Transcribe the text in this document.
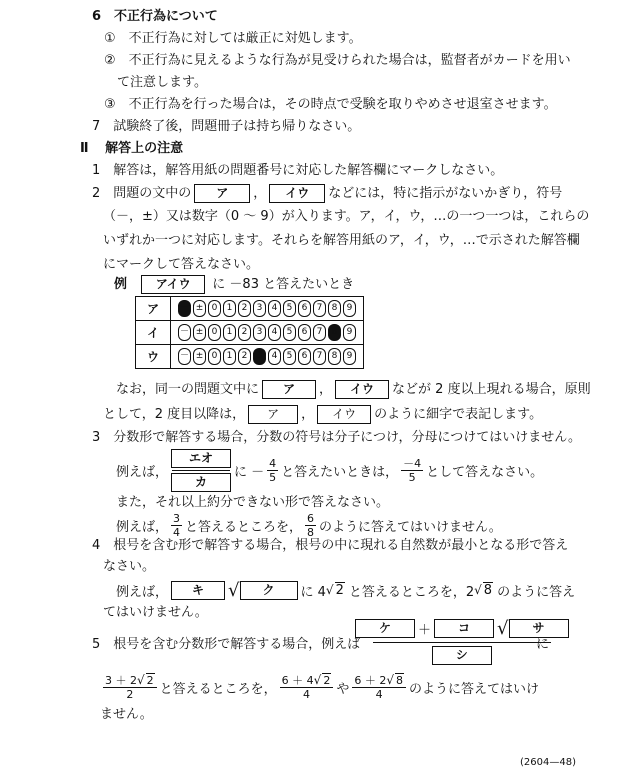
6　不正行為について
①　不正行為に対しては厳正に対処します。
②　不正行為に見えるような行為が見受けられた場合は，監督者がカードを用い
て注意します。
③　不正行為を行った場合は，その時点で受験を取りやめさせ退室させます。
7　試験終了後，問題冊子は持ち帰りなさい。
Ⅱ 解答上の注意
1　解答は，解答用紙の問題番号に対応した解答欄にマークしなさい。
2　問題の文中の ア ， イウ などには，特に指示がないかぎり，符号
（－，±）又は数字（0 ～ 9）が入ります。ア，イ，ウ，…の一つ一つは，これらの
いずれか一つに対応します。それらを解答用紙のア，イ，ウ，…で示された解答欄
にマークして答えなさい。
例 アイウ に －83 と答えたいとき
ア	－ ± 0 1 2 3 4 5 6 7 8 9
イ	－ ± 0 1 2 3 4 5 6 7 8 9
ウ	－ ± 0 1 2 3 4 5 6 7 8 9
なお，同一の問題文中に ア ， イウ などが 2 度以上現れる場合，原則
として，2 度目以降は， ア ， イウ のように細字で表記します。
3　分数形で解答する場合，分数の符号は分子につけ，分母につけてはいけません。
例えば，
エオ
カ
に － $\frac{4}{5}$ と答えたいときは， $\frac{-4}{5}$ として答えなさい。
また，それ以上約分できない形で答えなさい。
例えば， $\frac{3}{4}$ と答えるところを， $\frac{6}{8}$ のように答えてはいけません。
4　根号を含む形で解答する場合，根号の中に現れる自然数が最小となる形で答え
なさい。
例えば，	キ	√	ク	に 4 √ 2 と答えるところを，2 √ 8 のように答え
てはいけません。
5　根号を含む分数形で解答する場合，例えば
ケ	＋	コ	√	サ
シ
に
$\frac{3 + 2√ 2}{2}$ と答えるところを， $\frac{6 + 4√ 2}{4}$ や $\frac{6 + 2√ 8}{4}$ のように答えてはいけ
ません。
(2604—48)
